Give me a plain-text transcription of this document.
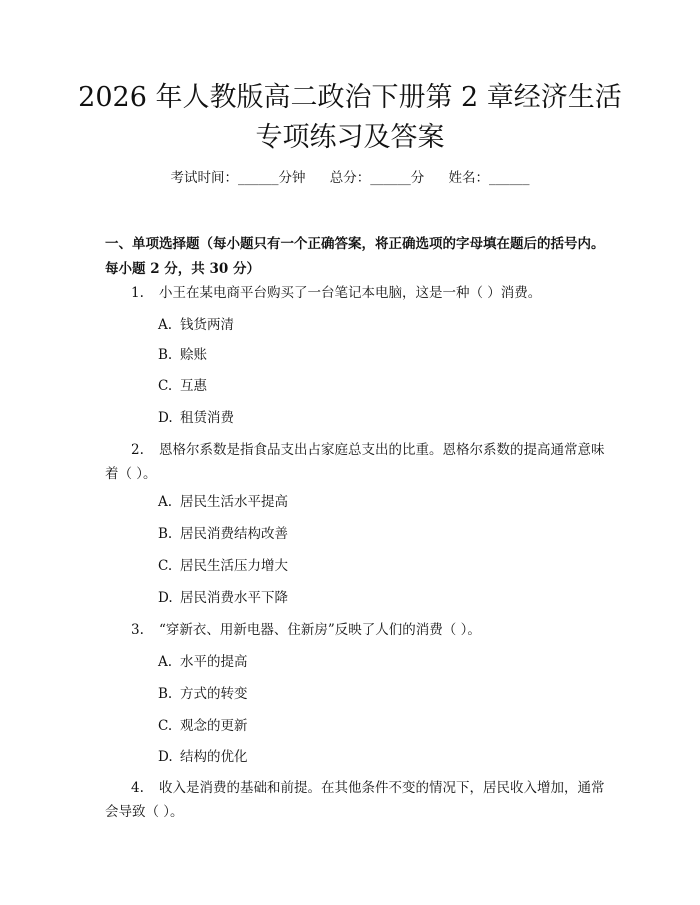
2026 年人教版高二政治下册第 2 章经济生活
专项练习及答案
考试时间：______分钟 总分：______分 姓名：______
一、单项选择题（每小题只有一个正确答案，将正确选项的字母填在题后的括号内。每小题 2 分，共 30 分）
1. 小王在某电商平台购买了一台笔记本电脑，这是一种（ ）消费。
A. 钱货两清
B. 赊账
C. 互惠
D. 租赁消费
2. 恩格尔系数是指食品支出占家庭总支出的比重。恩格尔系数的提高通常意味着（ ）。
A. 居民生活水平提高
B. 居民消费结构改善
C. 居民生活压力增大
D. 居民消费水平下降
3. “穿新衣、用新电器、住新房”反映了人们的消费（ ）。
A. 水平的提高
B. 方式的转变
C. 观念的更新
D. 结构的优化
4. 收入是消费的基础和前提。在其他条件不变的情况下，居民收入增加，通常会导致（ ）。
